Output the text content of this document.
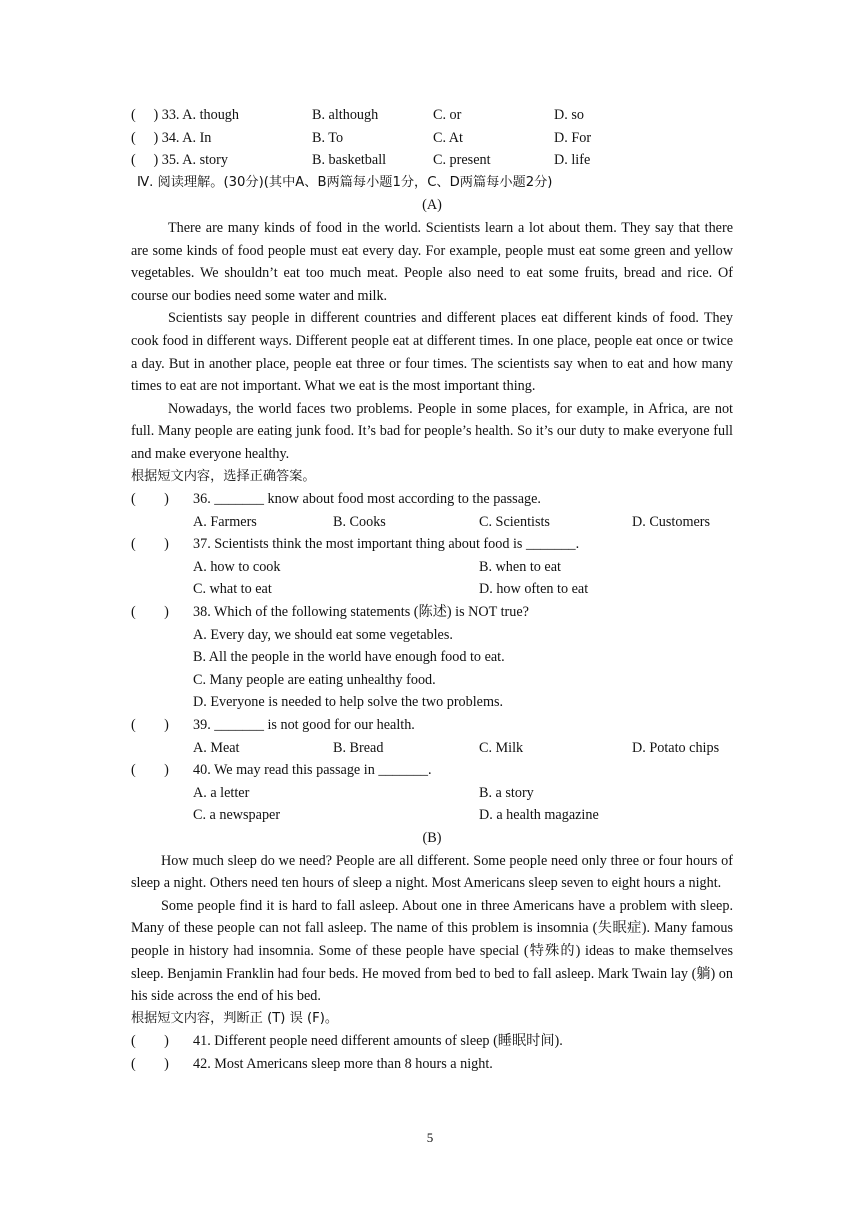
(　 ) 33. A. though	B. although	C. or	D. so
(　 ) 34. A. In	B. To	C. At	D. For
(　 ) 35. A. story	B. basketball	C. present	D. life
Ⅳ. 阅读理解。(30分)(其中A、B两篇每小题1分，C、D两篇每小题2分)
(A)

There are many kinds of food in the world. Scientists learn a lot about them. They say that there are some kinds of food people must eat every day. For example, people must eat some green and yellow vegetables. We shouldn’t eat too much meat. People also need to eat some fruits, bread and rice. Of course our bodies need some water and milk.

Scientists say people in different countries and different places eat different kinds of food. They cook food in different ways. Different people eat at different times. In one place, people eat once or twice a day. But in another place, people eat three or four times. The scientists say when to eat and how many times to eat are not important. What we eat is the most important thing.

Nowadays, the world faces two problems. People in some places, for example, in Africa, are not full. Many people are eating junk food. It’s bad for people’s health. So it’s our duty to make everyone full and make everyone healthy.

根据短文内容，选择正确答案。
(　　)	36. _______ know about food most according to the passage.
A. Farmers	B. Cooks	C. Scientists	D. Customers
(　　)	37. Scientists think the most important thing about food is _______.
A. how to cook	B. when to eat
C. what to eat	D. how often to eat
(　　)	38. Which of the following statements (陈述) is NOT true?
A. Every day, we should eat some vegetables.
B. All the people in the world have enough food to eat.
C. Many people are eating unhealthy food.
D. Everyone is needed to help solve the two problems.
(　　)	39. _______ is not good for our health.
A. Meat	B. Bread	C. Milk	D. Potato chips
(　　)	40. We may read this passage in _______.
A. a letter	B. a story
C. a newspaper	D. a health magazine
(B)

How much sleep do we need? People are all different. Some people need only three or four hours of sleep a night. Others need ten hours of sleep a night. Most Americans sleep seven to eight hours a night.

Some people find it is hard to fall asleep. About one in three Americans have a problem with sleep. Many of these people can not fall asleep. The name of this problem is insomnia (失眠症). Many famous people in history had insomnia. Some of these people have special (特殊的) ideas to make themselves sleep. Benjamin Franklin had four beds. He moved from bed to bed to fall asleep. Mark Twain lay (躺) on his side across the end of his bed.

根据短文内容，判断正 (T) 误 (F)。
(　　)	41. Different people need different amounts of sleep (睡眠时间).
(　　)	42. Most Americans sleep more than 8 hours a night.
5
